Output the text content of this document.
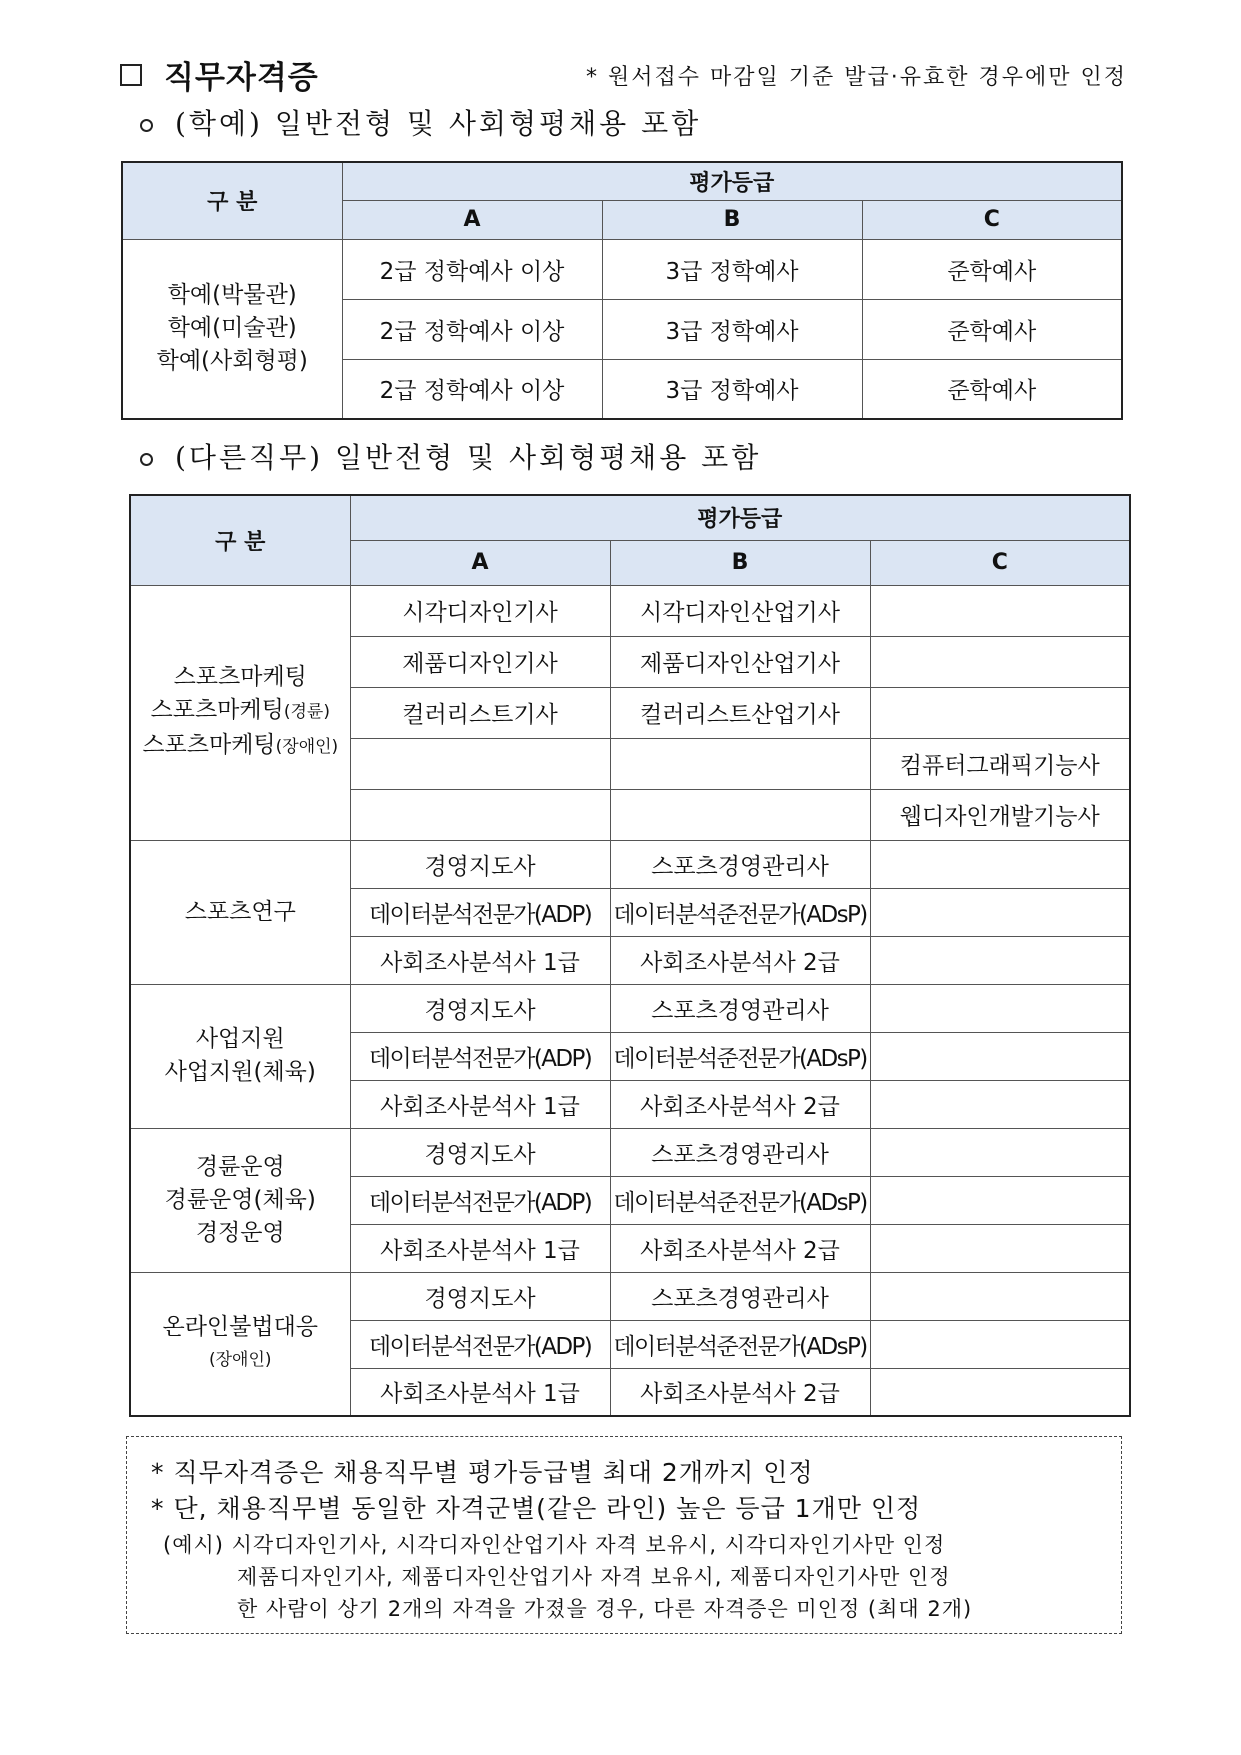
직무자격증	* 원서접수 마감일 기준 발급·유효한 경우에만 인정
(학예) 일반전형 및 사회형평채용 포함
구 분	평가등급		
	A	B	C

학예(박물관)
학예(미술관)
학예(사회형평)	2급 정학예사 이상	3급 정학예사	준학예사
	2급 정학예사 이상	3급 정학예사	준학예사
	2급 정학예사 이상	3급 정학예사	준학예사
(다른직무) 일반전형 및 사회형평채용 포함
구 분	평가등급		
	A	B	C

스포츠마케팅
스포츠마케팅(경륜)
스포츠마케팅(장애인)	시각디자인기사	시각디자인산업기사	
	제품디자인기사	제품디자인산업기사	
	컬러리스트기사	컬러리스트산업기사	
			컴퓨터그래픽기능사
			웹디자인개발기능사

스포츠연구	경영지도사	스포츠경영관리사	
	데이터분석전문가(ADP)	데이터분석준전문가(ADsP)	
	사회조사분석사 1급	사회조사분석사 2급	

사업지원
사업지원(체육)	경영지도사	스포츠경영관리사	
	데이터분석전문가(ADP)	데이터분석준전문가(ADsP)	
	사회조사분석사 1급	사회조사분석사 2급	

경륜운영
경륜운영(체육)
경정운영	경영지도사	스포츠경영관리사	
	데이터분석전문가(ADP)	데이터분석준전문가(ADsP)	
	사회조사분석사 1급	사회조사분석사 2급	

온라인불법대응
(장애인)	경영지도사	스포츠경영관리사	
	데이터분석전문가(ADP)	데이터분석준전문가(ADsP)	
	사회조사분석사 1급	사회조사분석사 2급	
* 직무자격증은 채용직무별 평가등급별 최대 2개까지 인정
* 단, 채용직무별 동일한 자격군별(같은 라인) 높은 등급 1개만 인정
(예시) 시각디자인기사, 시각디자인산업기사 자격 보유시, 시각디자인기사만 인정
제품디자인기사, 제품디자인산업기사 자격 보유시, 제품디자인기사만 인정
한 사람이 상기 2개의 자격을 가졌을 경우, 다른 자격증은 미인정 (최대 2개)
